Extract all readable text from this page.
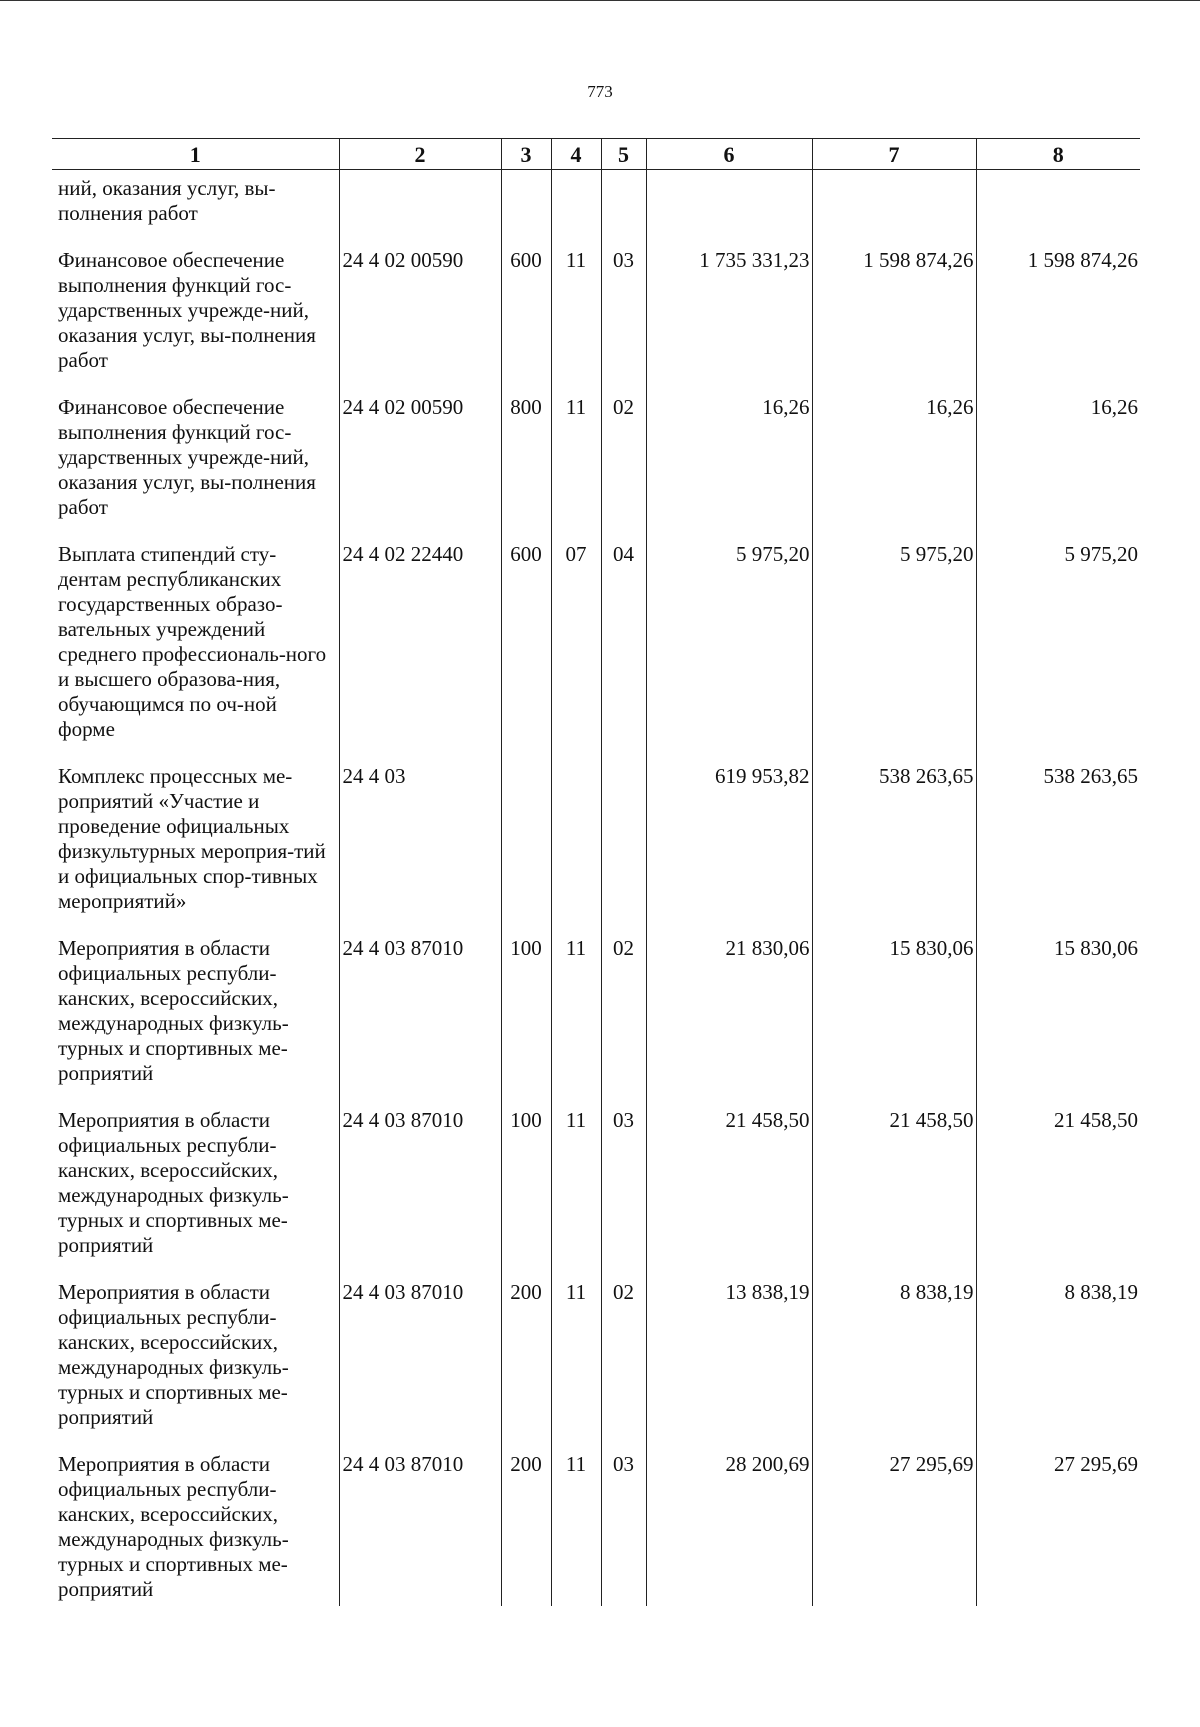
773
1	2	3	4	5	6	7	8
ний, оказания услуг, вы-
полнения работ							
Финансовое обеспечение выполнения функций гос-ударственных учрежде-ний, оказания услуг, вы-полнения работ	24 4 02 00590	600	11	03	1 735 331,23	1 598 874,26	1 598 874,26
Финансовое обеспечение выполнения функций гос-ударственных учрежде-ний, оказания услуг, вы-полнения работ	24 4 02 00590	800	11	02	16,26	16,26	16,26
Выплата стипендий сту-дентам республиканских государственных образо-вательных учреждений среднего профессиональ-ного и высшего образова-ния, обучающимся по оч-ной форме	24 4 02 22440	600	07	04	5 975,20	5 975,20	5 975,20
Комплекс процессных ме-роприятий «Участие и проведение официальных физкультурных мероприя-тий и официальных спор-тивных мероприятий»	24 4 03				619 953,82	538 263,65	538 263,65
Мероприятия в области официальных республи-канских, всероссийских, международных физкуль-турных и спортивных ме-роприятий	24 4 03 87010	100	11	02	21 830,06	15 830,06	15 830,06
Мероприятия в области официальных республи-канских, всероссийских, международных физкуль-турных и спортивных ме-роприятий	24 4 03 87010	100	11	03	21 458,50	21 458,50	21 458,50
Мероприятия в области официальных республи-канских, всероссийских, международных физкуль-турных и спортивных ме-роприятий	24 4 03 87010	200	11	02	13 838,19	8 838,19	8 838,19
Мероприятия в области официальных республи-канских, всероссийских, международных физкуль-турных и спортивных ме-роприятий	24 4 03 87010	200	11	03	28 200,69	27 295,69	27 295,69
